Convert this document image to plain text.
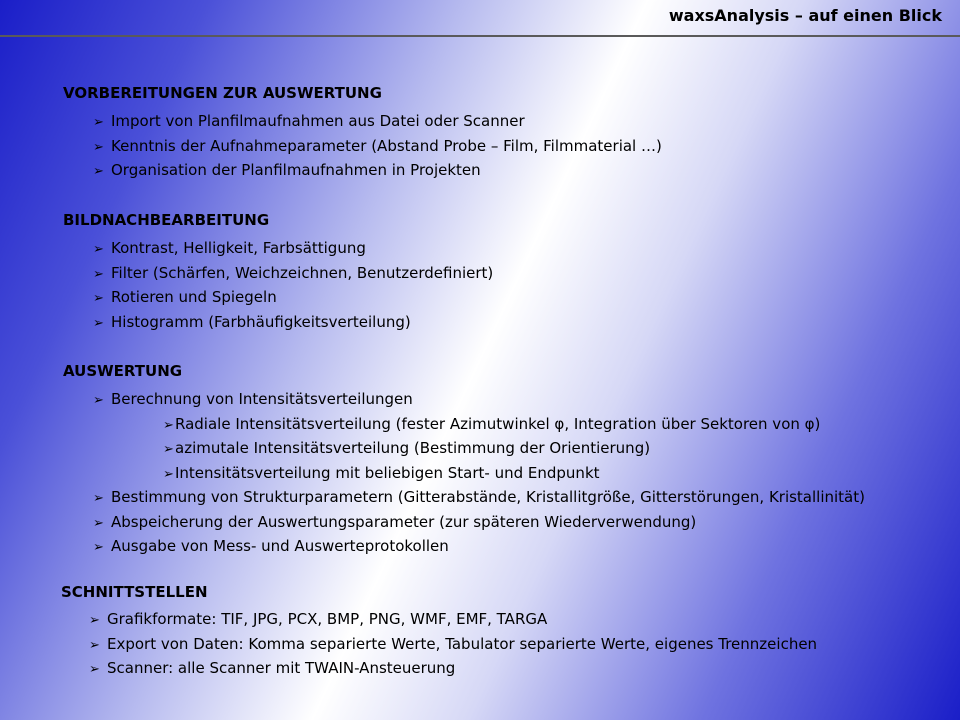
waxsAnalysis – auf einen Blick
VORBEREITUNGEN ZUR AUSWERTUNG
➢ Import von Planfilmaufnahmen aus Datei oder Scanner
➢ Kenntnis der Aufnahmeparameter (Abstand Probe – Film, Filmmaterial …)
➢ Organisation der Planfilmaufnahmen in Projekten
BILDNACHBEARBEITUNG
➢ Kontrast, Helligkeit, Farbsättigung
➢ Filter (Schärfen, Weichzeichnen, Benutzerdefiniert)
➢ Rotieren und Spiegeln
➢ Histogramm (Farbhäufigkeitsverteilung)
AUSWERTUNG
➢ Berechnung von Intensitätsverteilungen
➢ Radiale Intensitätsverteilung (fester Azimutwinkel φ, Integration über Sektoren von φ)
➢ azimutale Intensitätsverteilung (Bestimmung der Orientierung)
➢ Intensitätsverteilung mit beliebigen Start- und Endpunkt
➢ Bestimmung von Strukturparametern (Gitterabstände, Kristallitgröße, Gitterstörungen, Kristallinität)
➢ Abspeicherung der Auswertungsparameter (zur späteren Wiederverwendung)
➢ Ausgabe von Mess- und Auswerteprotokollen
SCHNITTSTELLEN
➢ Grafikformate: TIF, JPG, PCX, BMP, PNG, WMF, EMF, TARGA
➢ Export von Daten: Komma separierte Werte, Tabulator separierte Werte, eigenes Trennzeichen
➢ Scanner: alle Scanner mit TWAIN-Ansteuerung
